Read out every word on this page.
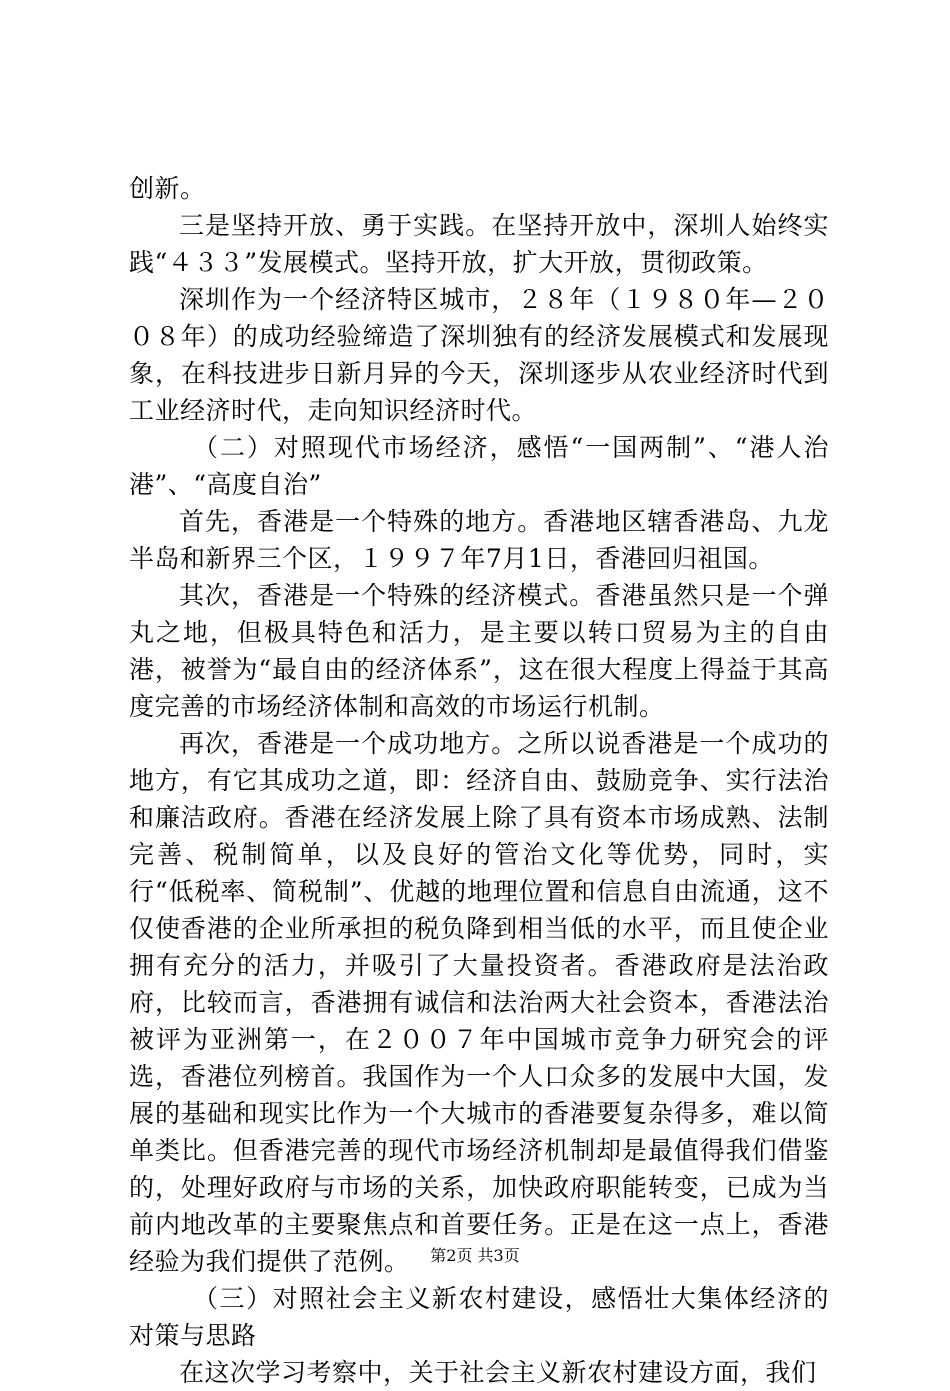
创新。

三是坚持开放、勇于实践。在坚持开放中，深圳人始终实践“４３３”发展模式。坚持开放，扩大开放，贯彻政策。

深圳作为一个经济特区城市，２８年（１９８０年—２００８年）的成功经验缔造了深圳独有的经济发展模式和发展现象，在科技进步日新月异的今天，深圳逐步从农业经济时代到工业经济时代，走向知识经济时代。

（二）对照现代市场经济，感悟“一国两制”、“港人治港”、“高度自治”

首先，香港是一个特殊的地方。香港地区辖香港岛、九龙半岛和新界三个区，１９９７年7月1日，香港回归祖国。

其次，香港是一个特殊的经济模式。香港虽然只是一个弹丸之地，但极具特色和活力，是主要以转口贸易为主的自由港，被誉为“最自由的经济体系”，这在很大程度上得益于其高度完善的市场经济体制和高效的市场运行机制。

再次，香港是一个成功地方。之所以说香港是一个成功的地方，有它其成功之道，即：经济自由、鼓励竞争、实行法治和廉洁政府。香港在经济发展上除了具有资本市场成熟、法制完善、税制简单，以及良好的管治文化等优势，同时，实行“低税率、简税制”、优越的地理位置和信息自由流通，这不仅使香港的企业所承担的税负降到相当低的水平，而且使企业拥有充分的活力，并吸引了大量投资者。香港政府是法治政府，比较而言，香港拥有诚信和法治两大社会资本，香港法治被评为亚洲第一，在２００７年中国城市竞争力研究会的评选，香港位列榜首。我国作为一个人口众多的发展中大国，发展的基础和现实比作为一个大城市的香港要复杂得多，难以简单类比。但香港完善的现代市场经济机制却是最值得我们借鉴的，处理好政府与市场的关系，加快政府职能转变，已成为当前内地改革的主要聚焦点和首要任务。正是在这一点上，香港经验为我们提供了范例。

（三）对照社会主义新农村建设，感悟壮大集体经济的对策与思路

在这次学习考察中，关于社会主义新农村建设方面，我们

第2页 共3页
